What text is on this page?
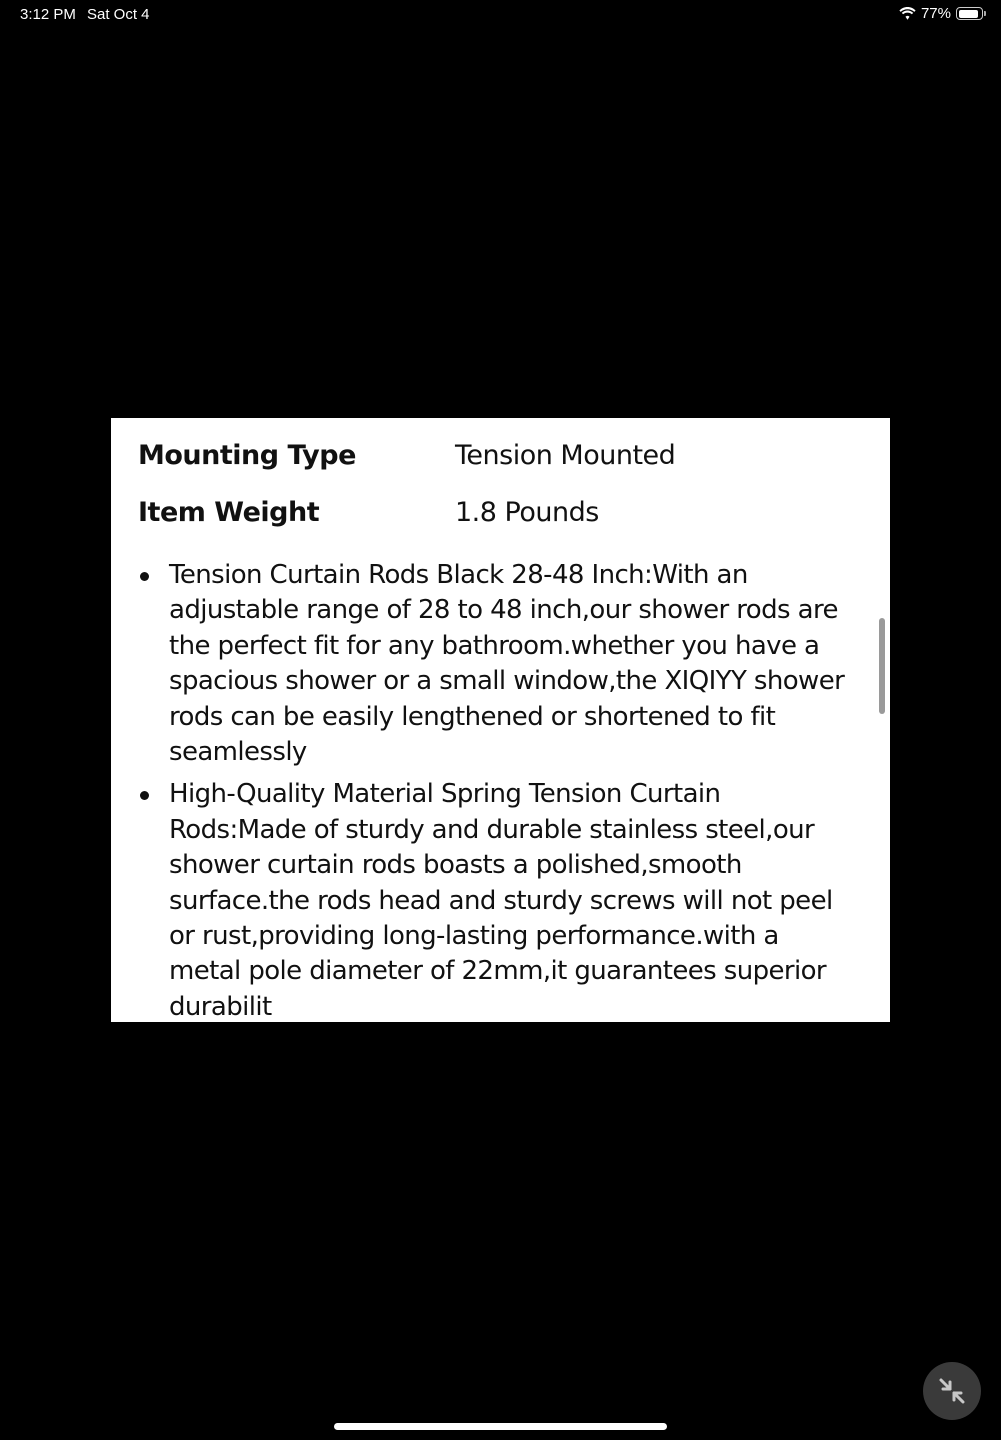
3:12 PM Sat Oct 4	77%
Mounting Type	Tension Mounted
Item Weight	1.8 Pounds
Tension Curtain Rods Black 28-48 Inch:With an adjustable range of 28 to 48 inch,our shower rods are the perfect fit for any bathroom.whether you have a spacious shower or a small window,the XIQIYY shower rods can be easily lengthened or shortened to fit seamlessly
High-Quality Material Spring Tension Curtain Rods:Made of sturdy and durable stainless steel,our shower curtain rods boasts a polished,smooth surface.the rods head and sturdy screws will not peel or rust,providing long-lasting performance.with a metal pole diameter of 22mm,it guarantees superior durabilit
